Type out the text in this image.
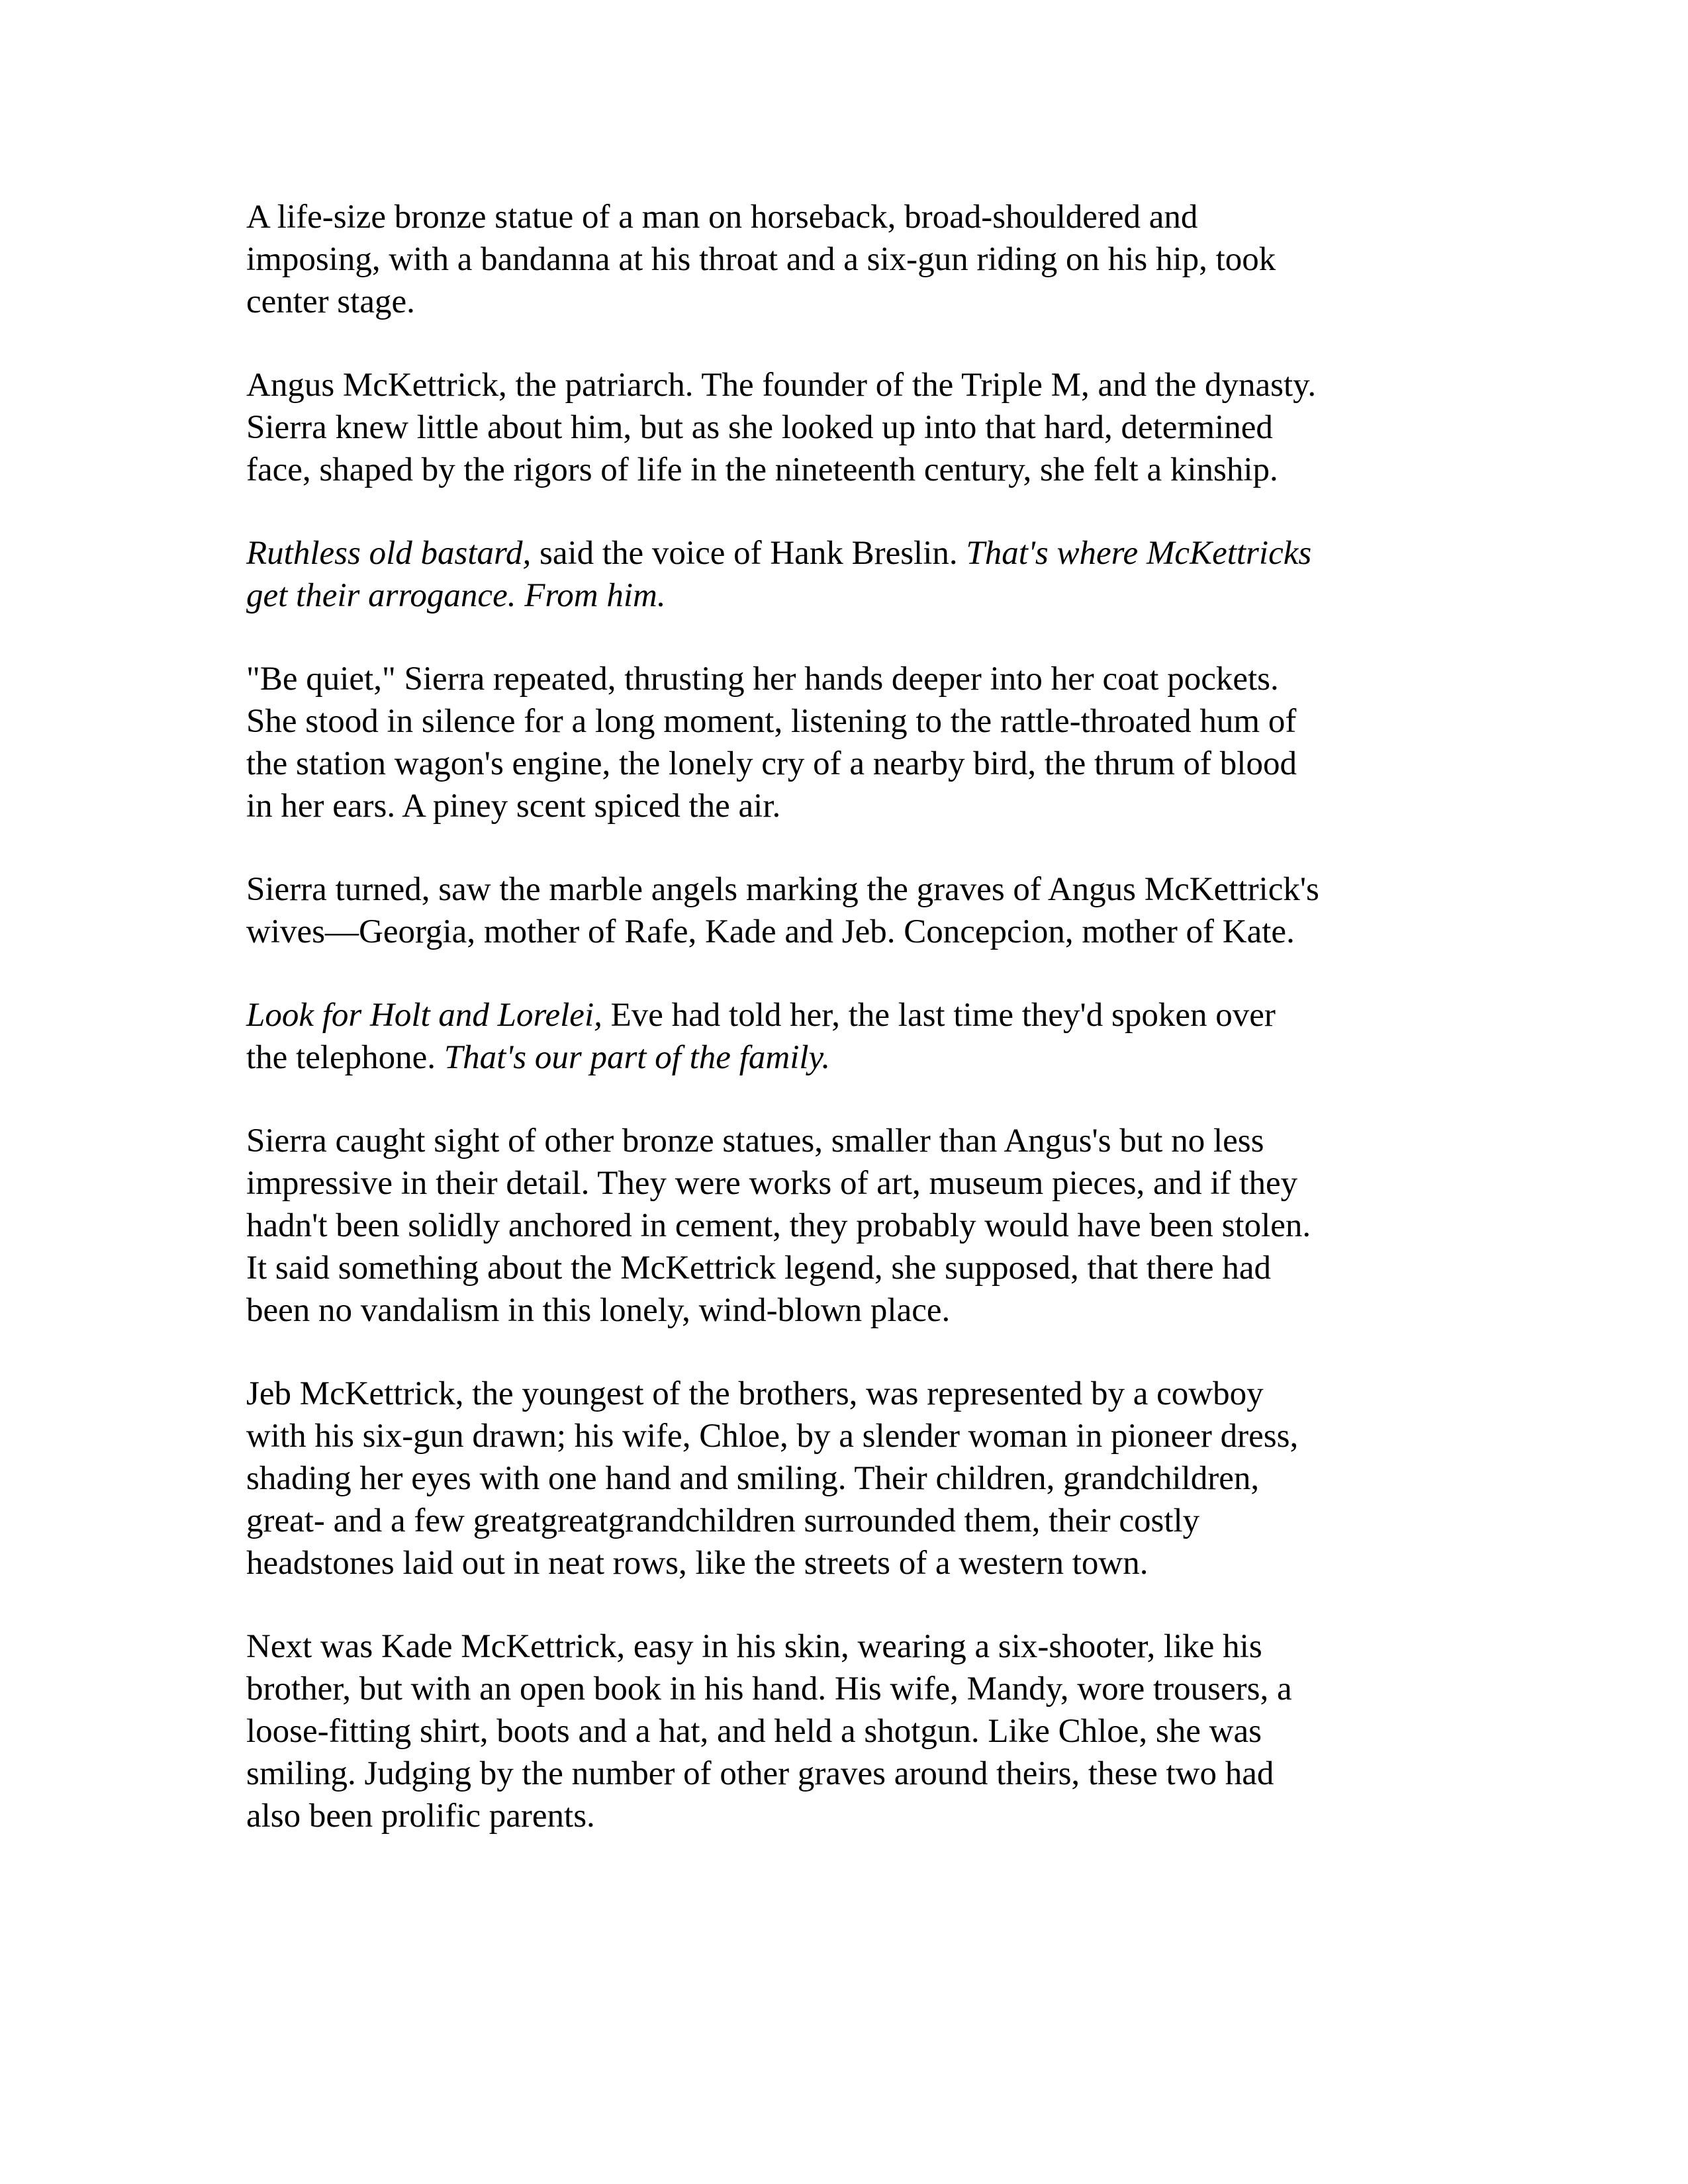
A life-size bronze statue of a man on horseback, broad-shouldered and
imposing, with a bandanna at his throat and a six-gun riding on his hip, took
center stage.

Angus McKettrick, the patriarch. The founder of the Triple M, and the dynasty.
Sierra knew little about him, but as she looked up into that hard, determined
face, shaped by the rigors of life in the nineteenth century, she felt a kinship.

Ruthless old bastard, said the voice of Hank Breslin. That's where McKettricks
get their arrogance. From him.

"Be quiet," Sierra repeated, thrusting her hands deeper into her coat pockets.
She stood in silence for a long moment, listening to the rattle-throated hum of
the station wagon's engine, the lonely cry of a nearby bird, the thrum of blood
in her ears. A piney scent spiced the air.

Sierra turned, saw the marble angels marking the graves of Angus McKettrick's
wives—Georgia, mother of Rafe, Kade and Jeb. Concepcion, mother of Kate.

Look for Holt and Lorelei, Eve had told her, the last time they'd spoken over
the telephone. That's our part of the family.

Sierra caught sight of other bronze statues, smaller than Angus's but no less
impressive in their detail. They were works of art, museum pieces, and if they
hadn't been solidly anchored in cement, they probably would have been stolen.
It said something about the McKettrick legend, she supposed, that there had
been no vandalism in this lonely, wind-blown place.

Jeb McKettrick, the youngest of the brothers, was represented by a cowboy
with his six-gun drawn; his wife, Chloe, by a slender woman in pioneer dress,
shading her eyes with one hand and smiling. Their children, grandchildren,
great- and a few greatgreatgrandchildren surrounded them, their costly
headstones laid out in neat rows, like the streets of a western town.

Next was Kade McKettrick, easy in his skin, wearing a six-shooter, like his
brother, but with an open book in his hand. His wife, Mandy, wore trousers, a
loose-fitting shirt, boots and a hat, and held a shotgun. Like Chloe, she was
smiling. Judging by the number of other graves around theirs, these two had
also been prolific parents.
